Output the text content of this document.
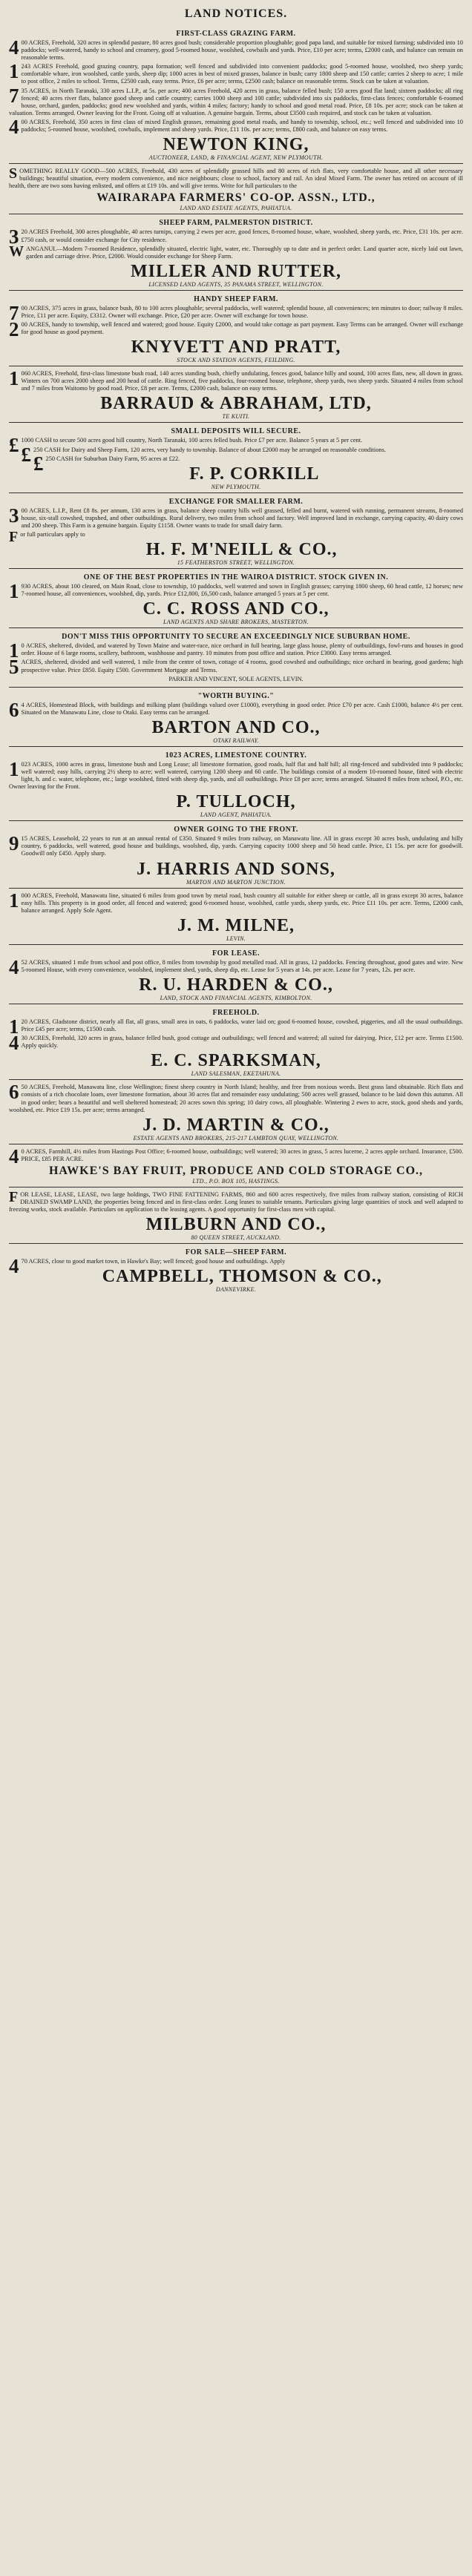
LAND NOTICES.
FIRST-CLASS GRAZING FARM.
400 ACRES, Freehold, 320 acres in splendid pasture, 80 acres good bush; considerable proportion ploughable; good papa land, and suitable for mixed farming; subdivided into 10 paddocks; well-watered, handy to school and creamery, good 5-roomed house, woolshed, cowbails and yards. Price, £10 per acre; terms, £2000 cash, and balance can remain on reasonable terms.
1243 ACRES Freehold, good grazing country, papa formation; well fenced and subdivided into convenient paddocks; good 5-roomed house, woolshed, two sheep yards; comfortable whare, iron woolshed, cattle yards, sheep dip; 1000 acres in best of mixed grasses, balance in bush; carry 1800 sheep and 150 cattle; carries 2 sheep to acre; 1 mile to post office, 2 miles to school. Terms, £2500 cash, easy terms. Price, £6 per acre; terms, £2500 cash; balance on reasonable terms. Stock can be taken at valuation.
735 ACRES, in North Taranaki, 330 acres L.I.P., at 5s. per acre; 400 acres Freehold, 420 acres in grass, balance felled bush; 150 acres good flat land; sixteen paddocks; all ring fenced; 40 acres river flats, balance good sheep and cattle country; carries 1000 sheep and 100 cattle; subdivided into six paddocks, first-class fences; comfortable 6-roomed house, orchard, garden, paddocks; good new woolshed and yards, within 4 miles; factory; handy to school and good metal road. Price, £8 10s. per acre; stock can be taken at valuation. Terms arranged. Owner leaving for the Front. Going off at valuation. A genuine bargain. Terms, about £3500 cash required, and stock can be taken at valuation.
400 ACRES, Freehold, 350 acres in first class of mixed English grasses, remaining good metal roads, and handy to township, school, etc.; well fenced and subdivided into 10 paddocks; 5-roomed house, woolshed, cowbails, implement and sheep yards. Price, £11 10s. per acre; terms, £800 cash, and balance on easy terms.
NEWTON KING,
AUCTIONEER, LAND, & FINANCIAL AGENT, NEW PLYMOUTH.
SOMETHING REALLY GOOD—500 ACRES, Freehold, 430 acres of splendidly grassed hills and 80 acres of rich flats, very comfortable house, and all other necessary buildings; beautiful situation, every modern convenience, and nice neighbours; close to school, factory and rail. An ideal Mixed Farm. The owner has retired on account of ill health, there are two sons having enlisted, and offers at £19 10s. and will give terms. Write for full particulars to the
WAIRARAPA FARMERS' CO-OP. ASSN., LTD.,
LAND AND ESTATE AGENTS, PAHIATUA.
SHEEP FARM, PALMERSTON DISTRICT.
320 ACRES Freehold, 300 acres ploughable, 40 acres turnips, carrying 2 ewes per acre, good fences, 8-roomed house, whare, woolshed, sheep yards, etc. Price, £31 10s. per acre. £750 cash, or would consider exchange for City residence.
WANGANUI.—Modern 7-roomed Residence, splendidly situated, electric light, water, etc. Thoroughly up to date and in perfect order. Land quarter acre, nicely laid out lawn, garden and carriage drive. Price, £2000. Would consider exchange for Sheep Farm.
MILLER AND RUTTER,
LICENSED LAND AGENTS, 35 PANAMA STREET, WELLINGTON.
HANDY SHEEP FARM.
700 ACRES, 375 acres in grass, balance bush, 80 to 100 acres ploughable; several paddocks, well watered; splendid house, all conveniences; ten minutes to door; railway 8 miles. Price, £11 per acre. Equity, £3312. Owner will exchange. Price, £20 per acre. Owner will exchange for town house.
200 ACRES, handy to township, well fenced and watered; good house. Equity £2000, and would take cottage as part payment. Easy Terms can be arranged. Owner will exchange for good house as good payment.
KNYVETT AND PRATT,
STOCK AND STATION AGENTS, FEILDING.
1060 ACRES, Freehold, first-class limestone bush road, 140 acres standing bush, chiefly undulating, fences good, balance hilly and sound, 100 acres flats, new, all down in grass. Winters on 700 acres 2000 sheep and 200 head of cattle. Ring fenced, five paddocks, four-roomed house, telephone, sheep yards, two sheep yards. Situated 4 miles from school and 7 miles from Waitomo by good road. Price, £8 per acre. Terms, £2000 cash, balance on easy terms.
BARRAUD & ABRAHAM, LTD,
TE KUITI.
SMALL DEPOSITS WILL SECURE.
£1000 CASH to secure 500 acres good hill country, North Taranaki, 100 acres felled bush. Price £7 per acre. Balance 5 years at 5 per cent.
£250 CASH for Dairy and Sheep Farm, 120 acres, very handy to township. Balance of about £2000 may be arranged on reasonable conditions.
£250 CASH for Suburban Dairy Farm, 95 acres at £22.
F. P. CORKILL
NEW PLYMOUTH.
EXCHANGE FOR SMALLER FARM.
300 ACRES, L.I.P., Rent £8 8s. per annum, 130 acres in grass, balance sheep country hills well grassed, felled and burnt, watered with running, permanent streams, 8-roomed house, six-stall cowshed, trapshed, and other outbuildings. Rural delivery, two miles from school and factory. Well improved land in exchange, carrying capacity, 40 dairy cows and 200 sheep. This Farm is a genuine bargain. Equity £1158. Owner wants to trade for small dairy farm.
For full particulars apply to
H. F. M'NEILL & CO.,
15 FEATHERSTON STREET, WELLINGTON.
ONE OF THE BEST PROPERTIES IN THE WAIROA DISTRICT. STOCK GIVEN IN.
1930 ACRES, about 100 cleared, on Main Road, close to township, 10 paddocks, well watered and sown in English grasses; carrying 1800 sheep, 60 head cattle, 12 horses; new 7-roomed house, all conveniences, woolshed, dip, yards. Price £12,800, £6,500 cash, balance arranged 5 years at 5 per cent.
C. C. ROSS AND CO.,
LAND AGENTS AND SHARE BROKERS, MASTERTON.
DON'T MISS THIS OPPORTUNITY TO SECURE AN EXCEEDINGLY NICE SUBURBAN HOME.
10 ACRES, sheltered, divided, and watered by Town Maine and water-race, nice orchard in full bearing, large glass house, plenty of outbuildings, fowl-runs and houses in good order. House of 6 large rooms, scullery, bathroom, washhouse and pantry. 10 minutes from post office and station. Price £3000. Easy terms arranged.
5ACRES, sheltered, divided and well watered, 1 mile from the centre of town, cottage of 4 rooms, good cowshed and outbuildings; nice orchard in bearing, good gardens; high prospective value. Price £850. Equity £500. Government Mortgage and Terms.
PARKER AND VINCENT, SOLE AGENTS, LEVIN.
"WORTH BUYING."
64 ACRES, Homestead Block, with buildings and milking plant (buildings valued over £1000), everything in good order. Price £70 per acre. Cash £1000, balance 4½ per cent. Situated on the Manawatu Line, close to Otaki. Easy terms can be arranged.
BARTON AND CO.,
OTAKI RAILWAY.
1023 ACRES, LIMESTONE COUNTRY.
1023 ACRES, 1000 acres in grass, limestone bush and Long Lease; all limestone formation, good roads, half flat and half hill; all ring-fenced and subdivided into 9 paddocks; well watered; easy hills, carrying 2½ sheep to acre; well watered, carrying 1200 sheep and 60 cattle. The buildings consist of a modern 10-roomed house, fitted with electric light, h. and c. water, telephone, etc.; large woolshed, fitted with sheep dip, yards, and all outbuildings. Price £8 per acre; terms arranged. Situated 8 miles from school, P.O., etc. Owner leaving for the Front.
P. TULLOCH,
LAND AGENT, PAHIATUA.
OWNER GOING TO THE FRONT.
915 ACRES, Leasehold, 22 years to run at an annual rental of £350. Situated 9 miles from railway, on Manawatu line. All in grass except 30 acres bush, undulating and hilly country, 6 paddocks, well watered, good house and buildings, woolshed, dip, yards. Carrying capacity 1000 sheep and 50 head cattle. Price, £1 15s. per acre for goodwill. Goodwill only £450. Apply sharp.
J. HARRIS AND SONS,
MARTON AND MARTON JUNCTION.
1000 ACRES, Freehold, Manawatu line, situated 6 miles from good town by metal road, bush country all suitable for either sheep or cattle, all in grass except 30 acres, balance easy hills. This property is in good order, all fenced and watered; good 6-roomed house, woolshed, cattle yards, sheep yards, etc. Price £11 10s. per acre. Terms, £2000 cash, balance arranged. Apply Sole Agent.
J. M. MILNE,
LEVIN.
FOR LEASE.
452 ACRES, situated 1 mile from school and post office, 8 miles from township by good metalled road. All in grass, 12 paddocks. Fencing throughout, good gates and wire. New 5-roomed House, with every convenience, woolshed, implement shed, yards, sheep dip, etc. Lease for 5 years at 14s. per acre. Lease for 7 years, 12s. per acre.
R. U. HARDEN & CO.,
LAND, STOCK AND FINANCIAL AGENTS, KIMBOLTON.
FREEHOLD.
120 ACRES, Gladstone district, nearly all flat, all grass, small area in oats, 6 paddocks, water laid on; good 6-roomed house, cowshed, piggeries, and all the usual outbuildings. Price £45 per acre; terms, £1500 cash.
430 ACRES, Freehold, 320 acres in grass, balance felled bush, good cottage and outbuildings; well fenced and watered; all suited for dairying. Price, £12 per acre. Terms £1500. Apply quickly.
E. C. SPARKSMAN,
LAND SALESMAN, EKETAHUNA.
650 ACRES, Freehold, Manawatu line, close Wellington; finest sheep country in North Island; healthy, and free from noxious weeds. Best grass land obtainable. Rich flats and consists of a rich chocolate loam, over limestone formation, about 30 acres flat and remainder easy undulating; 500 acres well grassed, balance to be laid down this autumn. All in good order; bears a beautiful and well sheltered homestead; 20 acres sown this spring; 10 dairy cows, all ploughable. Wintering 2 ewes to acre, stock, good sheds and yards, woolshed, etc. Price £19 15s. per acre; terms arranged.
J. D. MARTIN & CO.,
ESTATE AGENTS AND BROKERS, 215-217 LAMBTON QUAY, WELLINGTON.
40 ACRES, Farmhill, 4½ miles from Hastings Post Office; 6-roomed house, outbuildings; well watered; 30 acres in grass, 5 acres lucerne, 2 acres apple orchard. Insurance, £500. PRICE, £85 PER ACRE.
HAWKE'S BAY FRUIT, PRODUCE AND COLD STORAGE CO.,
LTD., P.O. BOX 105, HASTINGS.
FOR LEASE, LEASE, LEASE, two large holdings, TWO FINE FATTENING FARMS, 860 and 600 acres respectively, five miles from railway station, consisting of RICH DRAINED SWAMP LAND, the properties being fenced and in first-class order. Long leases to suitable tenants. Particulars giving large quantities of stock and well adapted to freezing works, stock available. Particulars on application to the leasing agents. A good opportunity for first-class men with capital.
MILBURN AND CO.,
80 QUEEN STREET, AUCKLAND.
FOR SALE—SHEEP FARM.
470 ACRES, close to good market town, in Hawke's Bay; well fenced; good house and outbuildings. Apply
CAMPBELL, THOMSON & CO.,
DANNEVIRKE.
